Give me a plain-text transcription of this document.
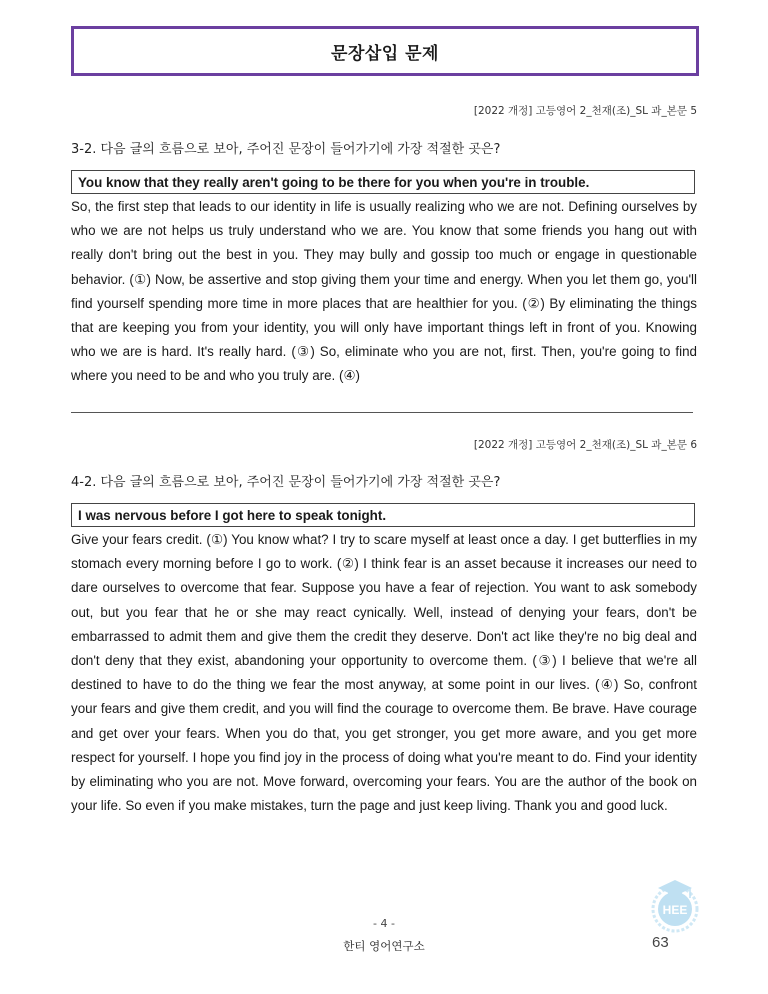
문장삽입 문제
[2022 개정] 고등영어 2_천재(조)_SL 과_본문 5
3-2. 다음 글의 흐름으로 보아, 주어진 문장이 들어가기에 가장 적절한 곳은?
You know that they really aren't going to be there for you when you're in trouble.

So, the first step that leads to our identity in life is usually realizing who we are not. Defining ourselves by who we are not helps us truly understand who we are. You know that some friends you hang out with really don't bring out the best in you. They may bully and gossip too much or engage in questionable behavior. (①) Now, be assertive and stop giving them your time and energy. When you let them go, you'll find yourself spending more time in more places that are healthier for you. (②) By eliminating the things that are keeping you from your identity, you will only have important things left in front of you. Knowing who we are is hard. It's really hard. (③) So, eliminate who you are not, first. Then, you're going to find where you need to be and who you truly are. (④)

[2022 개정] 고등영어 2_천재(조)_SL 과_본문 6
4-2. 다음 글의 흐름으로 보아, 주어진 문장이 들어가기에 가장 적절한 곳은?
I was nervous before I got here to speak tonight.

Give your fears credit. (①) You know what? I try to scare myself at least once a day. I get butterflies in my stomach every morning before I go to work. (②) I think fear is an asset because it increases our need to dare ourselves to overcome that fear. Suppose you have a fear of rejection. You want to ask somebody out, but you fear that he or she may react cynically. Well, instead of denying your fears, don't be embarrassed to admit them and give them the credit they deserve. Don't act like they're no big deal and don't deny that they exist, abandoning your opportunity to overcome them. (③) I believe that we're all destined to have to do the thing we fear the most anyway, at some point in our lives. (④) So, confront your fears and give them credit, and you will find the courage to overcome them. Be brave. Have courage and get over your fears. When you do that, you get stronger, you get more aware, and you get more respect for yourself. I hope you find joy in the process of doing what you're meant to do. Find your identity by eliminating who you are not. Move forward, overcoming your fears. You are the author of the book on your life. So even if you make mistakes, turn the page and just keep living. Thank you and good luck.

- 4 -
한티 영어연구소
HEE
63
